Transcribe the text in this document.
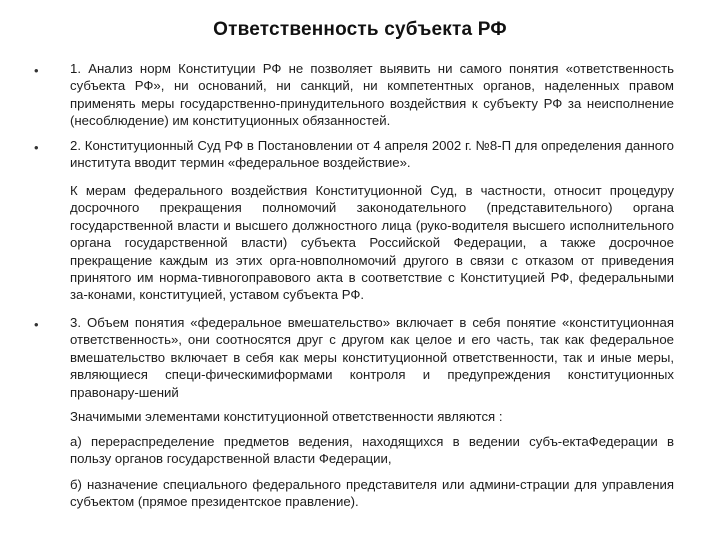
Ответственность субъекта РФ
• 1. Анализ норм Конституции РФ не позволяет выявить ни самого понятия «ответственность субъекта РФ», ни оснований, ни санкций, ни компетентных органов, наделенных правом применять меры государственно-принудительного воздействия к субъекту РФ за неисполнение (несоблюдение) им конституционных обязанностей.
• 2. Конституционный Суд РФ в Постановлении от 4 апреля 2002 г. №8-П для определения данного института вводит термин «федеральное воздействие».
К мерам федерального воздействия Конституционной Суд, в частности, относит процедуру досрочного прекращения полномочий законодательного (представительного) органа государственной власти и высшего должностного лица (руко-водителя высшего исполнительного органа государственной власти) субъекта Российской Федерации, а также досрочное прекращение каждым из этих орга-новполномочий другого в связи с отказом от приведения принятого им норма-тивногоправового акта в соответствие с Конституцией РФ, федеральными за-конами, конституцией, уставом субъекта РФ.
• 3. Объем понятия «федеральное вмешательство» включает в себя понятие «конституционная ответственность», они соотносятся друг с другом как целое и его часть, так как федеральное вмешательство включает в себя как меры конституционной ответственности, так и иные меры, являющиеся специ-фическимиформами контроля и предупреждения конституционных правонару-шений
Значимыми элементами конституционной ответственности являются :
а) перераспределение предметов ведения, находящихся в ведении субъ-ектаФедерации в пользу органов государственной власти Федерации,
б) назначение специального федерального представителя или админи-страции для управления субъектом (прямое президентское правление).
